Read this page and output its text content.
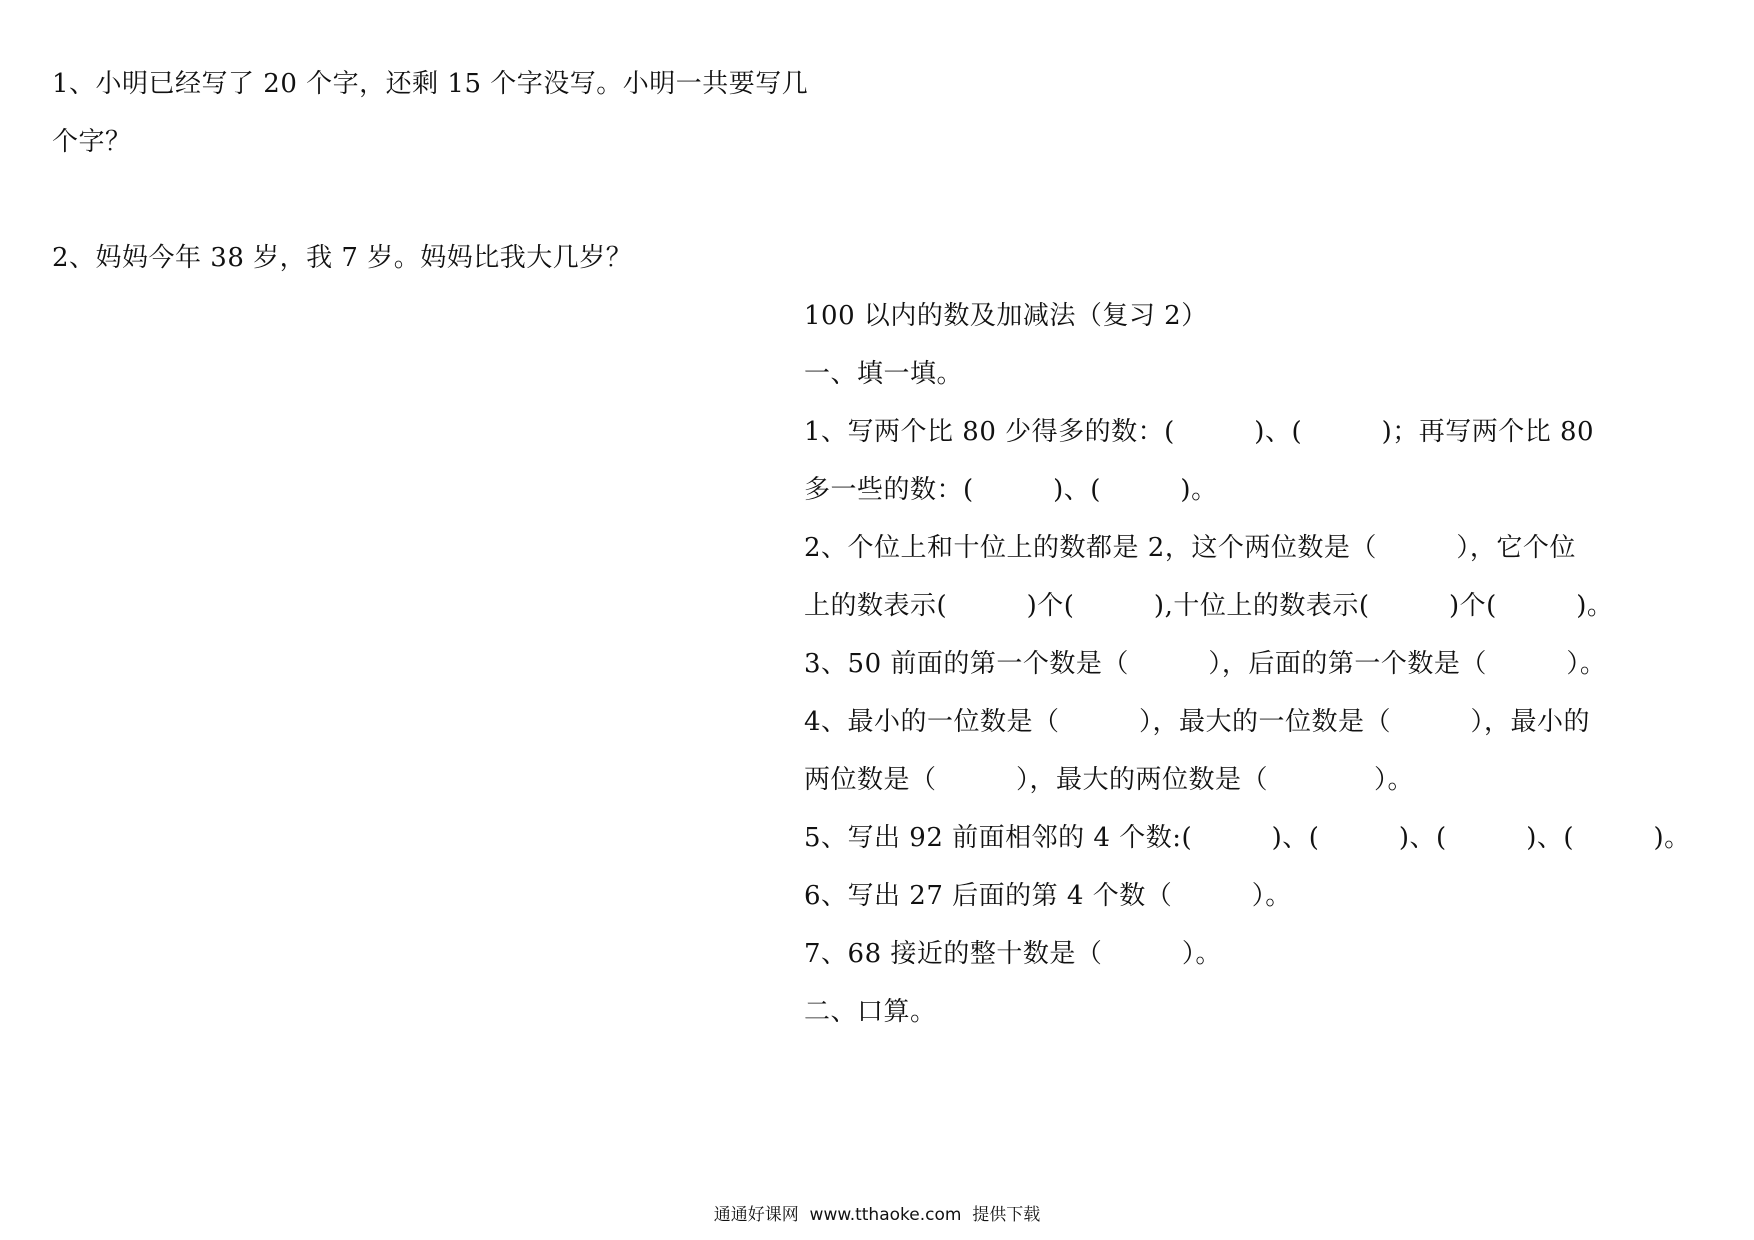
1、小明已经写了 20 个字，还剩 15 个字没写。小明一共要写几
个字？
2、妈妈今年 38 岁，我 7 岁。妈妈比我大几岁？
100 以内的数及加减法（复习 2）
一、填一填。
1、写两个比 80 少得多的数：(　　　)、(　　　)；再写两个比 80
多一些的数：(　　　)、(　　　)。
2、个位上和十位上的数都是 2，这个两位数是（　　　），它个位
上的数表示(　　　)个(　　　),十位上的数表示(　　　)个(　　　)。
3、50 前面的第一个数是（　　　），后面的第一个数是（　　　）。
4、最小的一位数是（　　　），最大的一位数是（　　　），最小的
两位数是（　　　），最大的两位数是（　　　　）。
5、写出 92 前面相邻的 4 个数:(　　　)、(　　　)、(　　　)、(　　　)。
6、写出 27 后面的第 4 个数（　　　）。
7、68 接近的整十数是（　　　）。
二、口算。
通通好课网  www.tthaoke.com  提供下载
